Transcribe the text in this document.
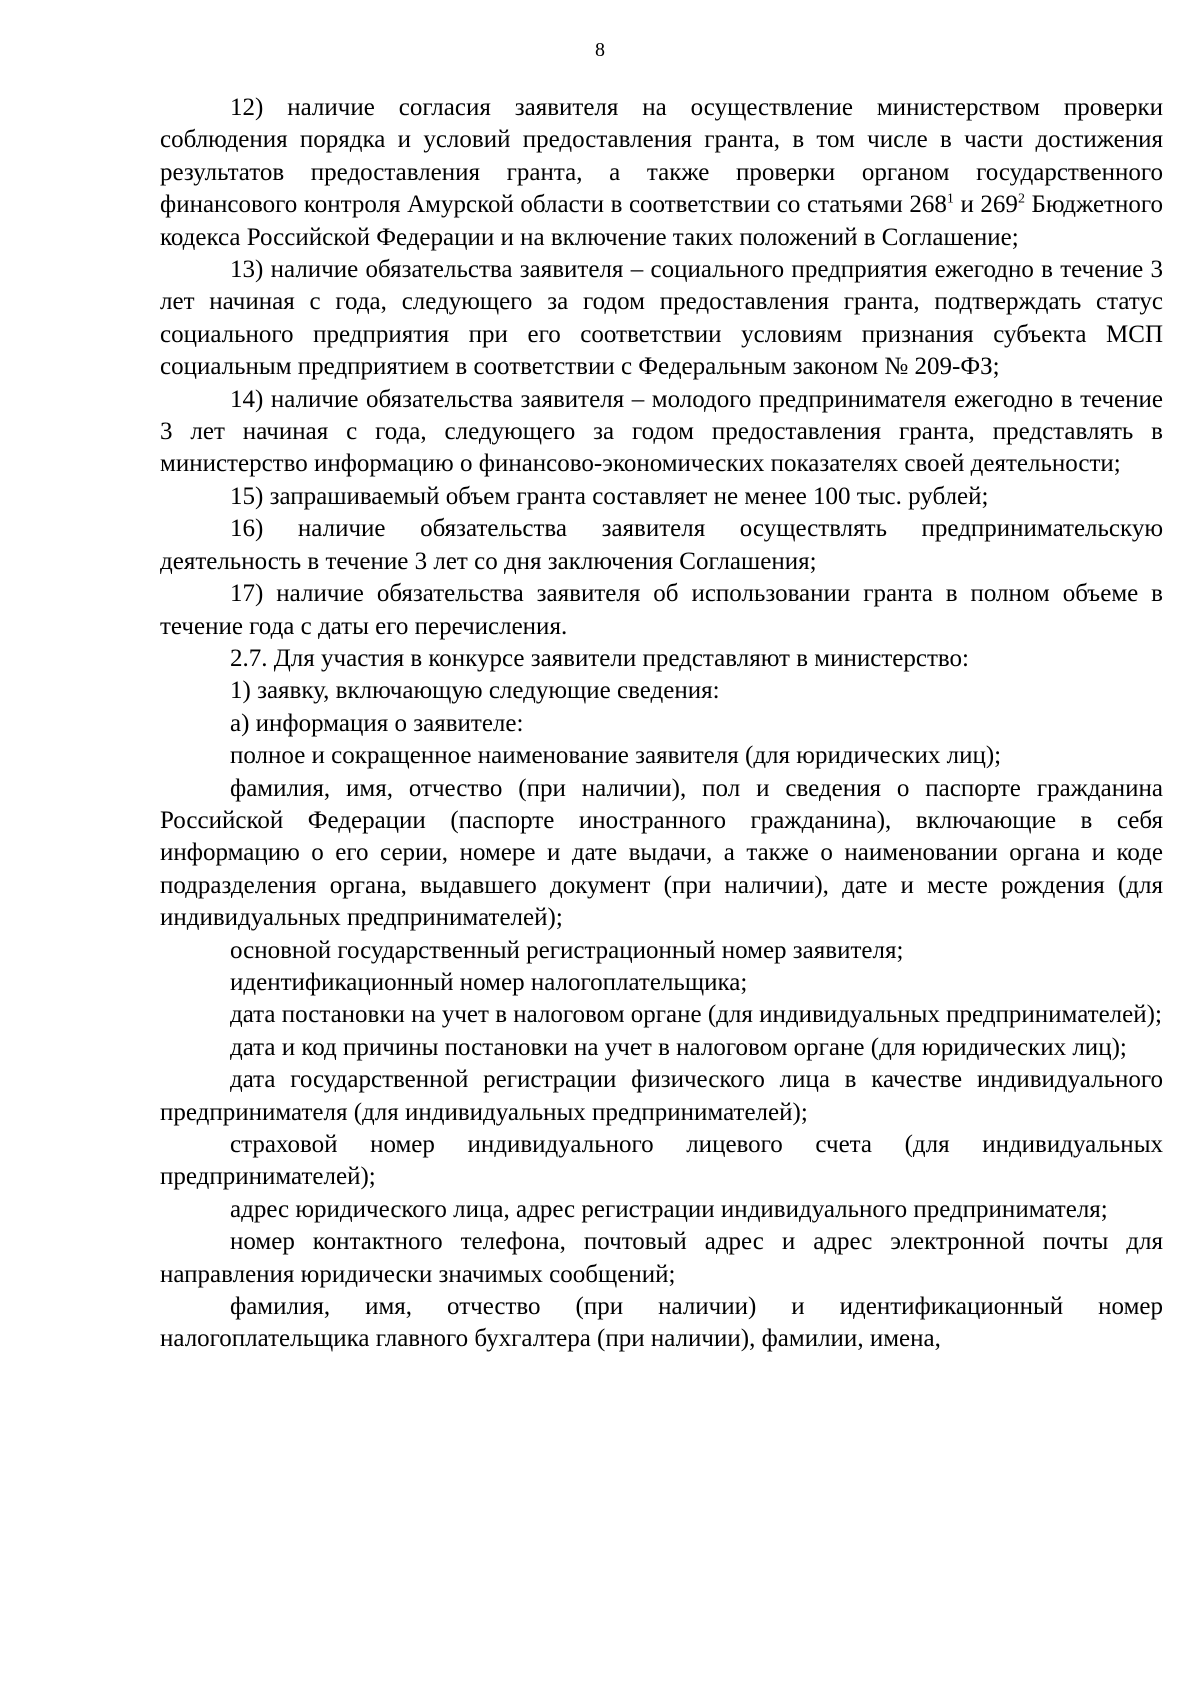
8

12) наличие согласия заявителя на осуществление министерством проверки соблюдения порядка и условий предоставления гранта, в том числе в части достижения результатов предоставления гранта, а также проверки органом государственного финансового контроля Амурской области в соответствии со статьями $268^1$ и $269^2$ Бюджетного кодекса Российской Федерации и на включение таких положений в Соглашение;

13) наличие обязательства заявителя – социального предприятия ежегодно в течение 3 лет начиная с года, следующего за годом предоставления гранта, подтверждать статус социального предприятия при его соответствии условиям признания субъекта МСП социальным предприятием в соответствии с Федеральным законом № 209-ФЗ;

14) наличие обязательства заявителя – молодого предпринимателя ежегодно в течение 3 лет начиная с года, следующего за годом предоставления гранта, представлять в министерство информацию о финансово-экономических показателях своей деятельности;

15) запрашиваемый объем гранта составляет не менее 100 тыс. рублей;

16) наличие обязательства заявителя осуществлять предпринимательскую деятельность в течение 3 лет со дня заключения Соглашения;

17) наличие обязательства заявителя об использовании гранта в полном объеме в течение года с даты его перечисления.

2.7. Для участия в конкурсе заявители представляют в министерство:

1) заявку, включающую следующие сведения:

а) информация о заявителе:

полное и сокращенное наименование заявителя (для юридических лиц);

фамилия, имя, отчество (при наличии), пол и сведения о паспорте гражданина Российской Федерации (паспорте иностранного гражданина), включающие в себя информацию о его серии, номере и дате выдачи, а также о наименовании органа и коде подразделения органа, выдавшего документ (при наличии), дате и месте рождения (для индивидуальных предпринимателей);

основной государственный регистрационный номер заявителя;

идентификационный номер налогоплательщика;

дата постановки на учет в налоговом органе (для индивидуальных предпринимателей);

дата и код причины постановки на учет в налоговом органе (для юридических лиц);

дата государственной регистрации физического лица в качестве индивидуального предпринимателя (для индивидуальных предпринимателей);

страховой номер индивидуального лицевого счета (для индивидуальных предпринимателей);

адрес юридического лица, адрес регистрации индивидуального предпринимателя;

номер контактного телефона, почтовый адрес и адрес электронной почты для направления юридически значимых сообщений;

фамилия, имя, отчество (при наличии) и идентификационный номер налогоплательщика главного бухгалтера (при наличии), фамилии, имена,
